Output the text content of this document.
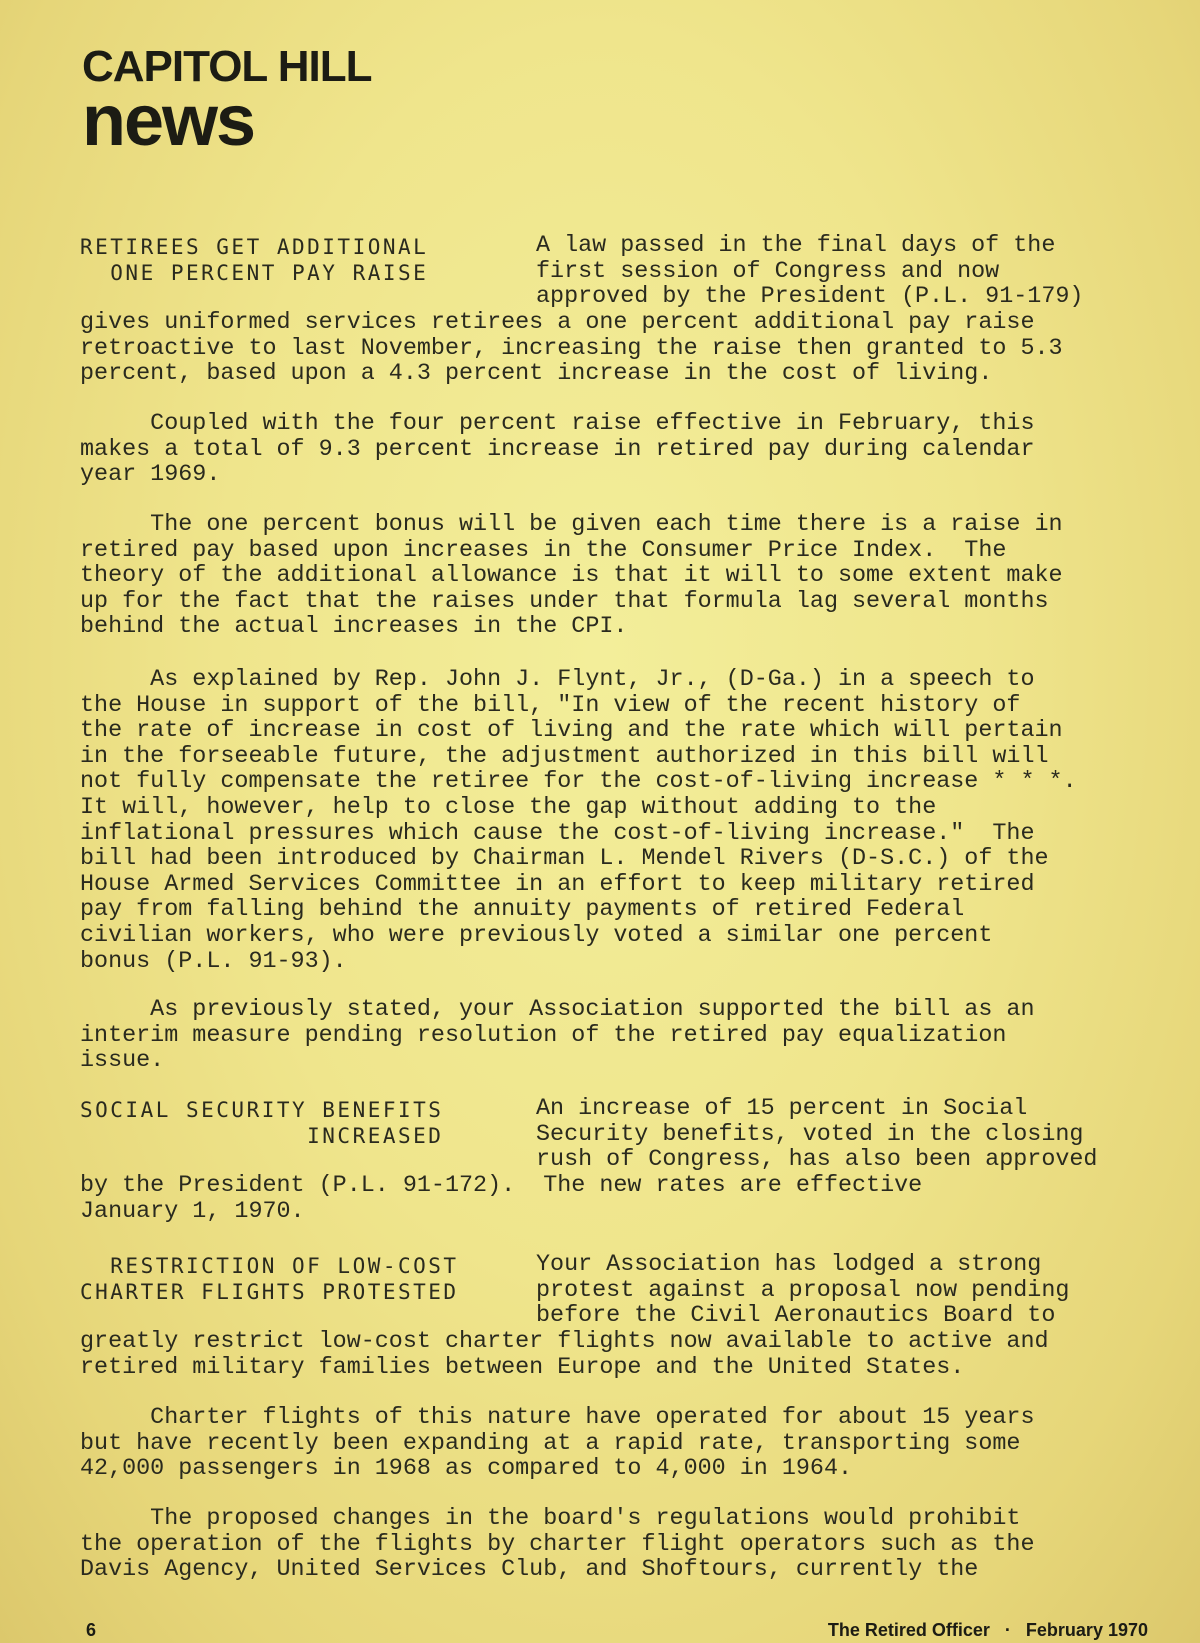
CAPITOL HILL
news
RETIREES GET ADDITIONAL
ONE PERCENT PAY RAISE
A law passed in the final days of the
first session of Congress and now
approved by the President (P.L. 91-179)
gives uniformed services retirees a one percent additional pay raise
retroactive to last November, increasing the raise then granted to 5.3
percent, based upon a 4.3 percent increase in the cost of living.
Coupled with the four percent raise effective in February, this
makes a total of 9.3 percent increase in retired pay during calendar
year 1969.
The one percent bonus will be given each time there is a raise in
retired pay based upon increases in the Consumer Price Index.  The
theory of the additional allowance is that it will to some extent make
up for the fact that the raises under that formula lag several months
behind the actual increases in the CPI.
As explained by Rep. John J. Flynt, Jr., (D-Ga.) in a speech to
the House in support of the bill, "In view of the recent history of
the rate of increase in cost of living and the rate which will pertain
in the forseeable future, the adjustment authorized in this bill will
not fully compensate the retiree for the cost-of-living increase * * *.
It will, however, help to close the gap without adding to the
inflational pressures which cause the cost-of-living increase."  The
bill had been introduced by Chairman L. Mendel Rivers (D-S.C.) of the
House Armed Services Committee in an effort to keep military retired
pay from falling behind the annuity payments of retired Federal
civilian workers, who were previously voted a similar one percent
bonus (P.L. 91-93).
As previously stated, your Association supported the bill as an
interim measure pending resolution of the retired pay equalization
issue.
SOCIAL SECURITY BENEFITS
INCREASED
An increase of 15 percent in Social
Security benefits, voted in the closing
rush of Congress, has also been approved
by the President (P.L. 91-172).  The new rates are effective
January 1, 1970.
RESTRICTION OF LOW-COST
CHARTER FLIGHTS PROTESTED
Your Association has lodged a strong
protest against a proposal now pending
before the Civil Aeronautics Board to
greatly restrict low-cost charter flights now available to active and
retired military families between Europe and the United States.
Charter flights of this nature have operated for about 15 years
but have recently been expanding at a rapid rate, transporting some
42,000 passengers in 1968 as compared to 4,000 in 1964.
The proposed changes in the board's regulations would prohibit
the operation of the flights by charter flight operators such as the
Davis Agency, United Services Club, and Shoftours, currently the
6	The Retired Officer · February 1970
